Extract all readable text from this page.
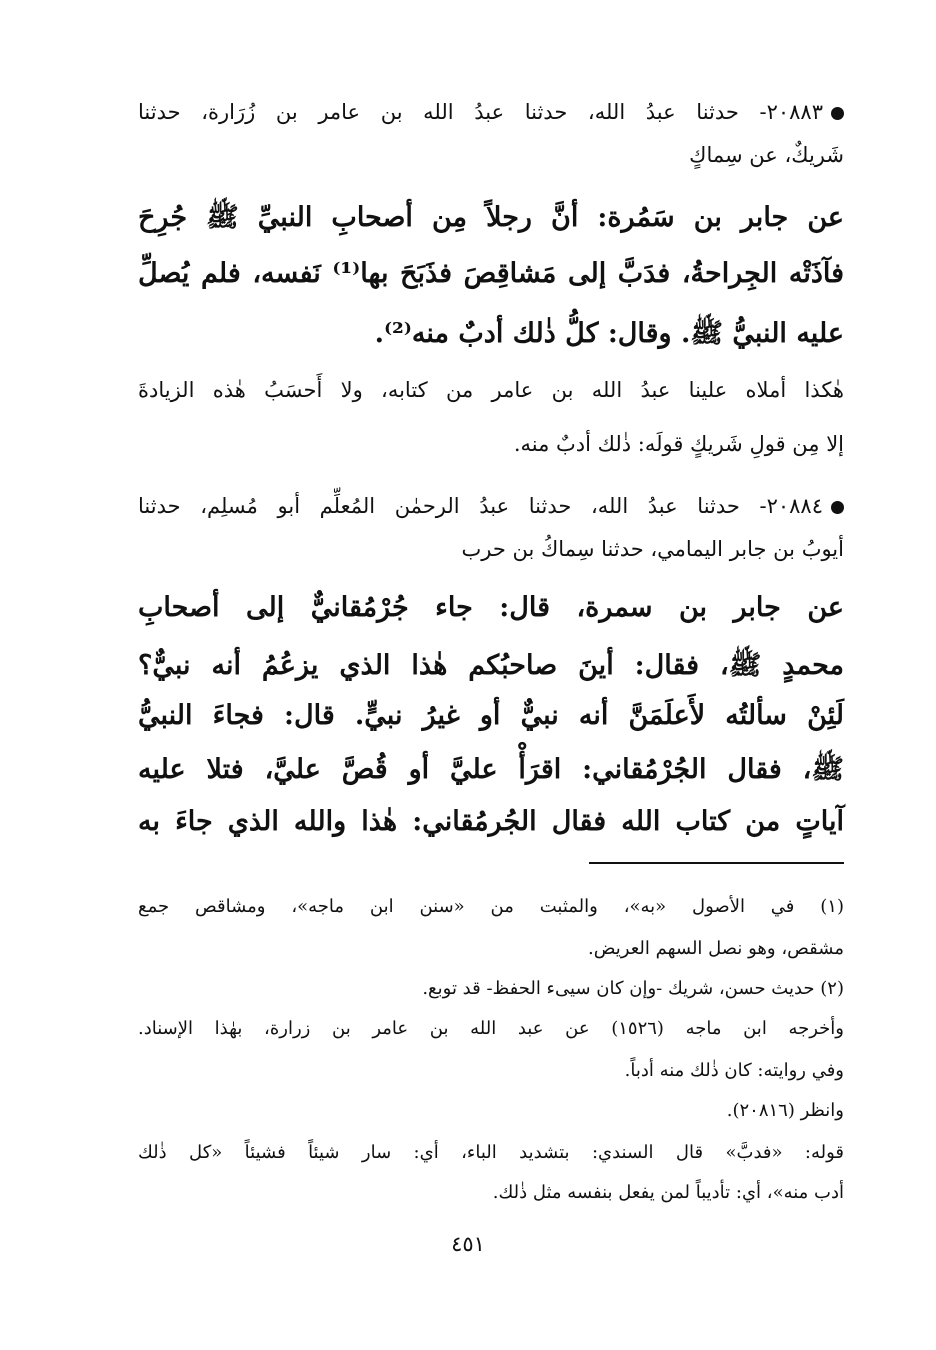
٢٠٨٨٣- حدثنا عبدُ الله، حدثنا عبدُ الله بن عامر بن زُرَارة، حدثنا
شَريكٌ، عن سِماكٍ
عن جابر بن سَمُرة: أنَّ رجلاً مِن أصحابِ النبيِّ ﷺ جُرِحَ
فآذَتْه الجِراحةُ، فدَبَّ إلى مَشاقِصَ فذَبَحَ بها⁽¹⁾ نَفسه، فلم يُصلِّ
عليه النبيُّ ﷺ. وقال: كلُّ ذٰلك أدبٌ منه⁽²⁾.
هٰكذا أملاه علينا عبدُ الله بن عامر من كتابه، ولا أَحسَبُ هٰذه الزيادةَ
إلا مِن قولِ شَريكٍ قولَه: ذٰلك أدبٌ منه.
٢٠٨٨٤- حدثنا عبدُ الله، حدثنا عبدُ الرحمٰن المُعلِّم أبو مُسلِم، حدثنا
أيوبُ بن جابر اليمامي، حدثنا سِماكُ بن حرب
عن جابر بن سمرة، قال: جاء جُرْمُقانيٌّ إلى أصحابِ
محمدٍ ﷺ، فقال: أينَ صاحبُكم هٰذا الذي يزعُمُ أنه نبيٌّ؟
لَئِنْ سألتُه لأَعلَمَنَّ أنه نبيٌّ أو غيرُ نبيٍّ. قال: فجاءَ النبيُّ
ﷺ، فقال الجُرْمُقاني: اقرَأْ عليَّ أو قُصَّ عليَّ، فتلا عليه
آياتٍ من كتاب الله فقال الجُرمُقاني: هٰذا والله الذي جاءَ به
(١) في الأصول «به»، والمثبت من «سنن ابن ماجه»، ومشاقص جمع
مشقص، وهو نصل السهم العريض.
(٢) حديث حسن، شريك -وإن كان سيىء الحفظ- قد توبع.
وأخرجه ابن ماجه (١٥٢٦) عن عبد الله بن عامر بن زرارة، بهٰذا الإسناد.
وفي روايته: كان ذٰلك منه أدباً.
وانظر (٢٠٨١٦).
قوله: «فدبَّ» قال السندي: بتشديد الباء، أي: سار شيئاً فشيئاً «كل ذٰلك
أدب منه»، أي: تأديباً لمن يفعل بنفسه مثل ذٰلك.
٤٥١
